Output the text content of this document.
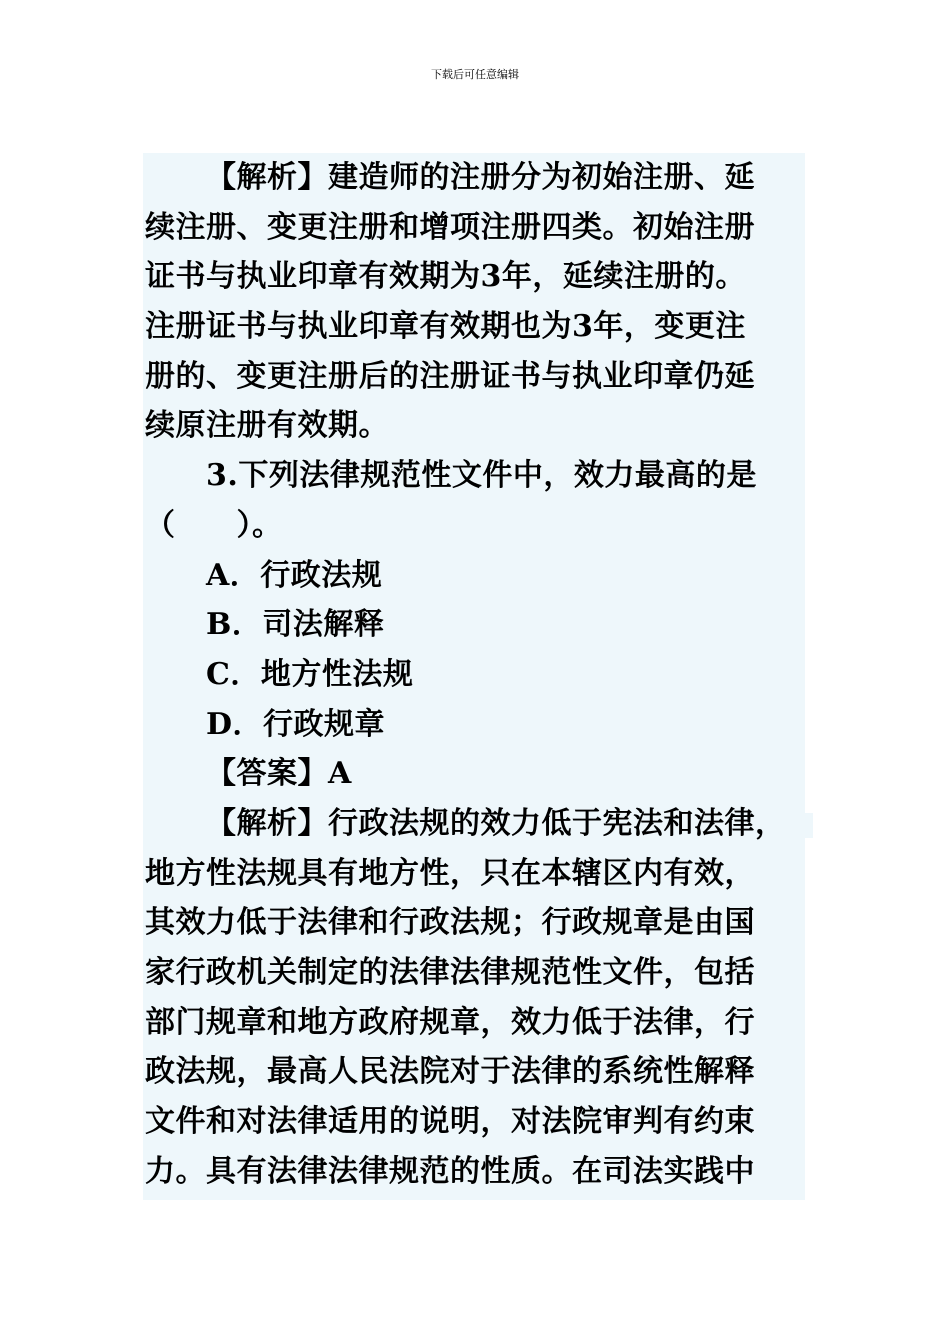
下载后可任意编辑
【解析】建造师的注册分为初始注册、延
续注册、变更注册和增项注册四类。初始注册
证书与执业印章有效期为3年，延续注册的。
注册证书与执业印章有效期也为3年，变更注
册的、变更注册后的注册证书与执业印章仍延
续原注册有效期。
3.下列法律规范性文件中，效力最高的是
（　　）。
A．行政法规
B．司法解释
C．地方性法规
D．行政规章
【答案】A
【解析】行政法规的效力低于宪法和法律，
地方性法规具有地方性，只在本辖区内有效，
其效力低于法律和行政法规；行政规章是由国
家行政机关制定的法律法律规范性文件，包括
部门规章和地方政府规章，效力低于法律，行
政法规，最高人民法院对于法律的系统性解释
文件和对法律适用的说明，对法院审判有约束
力。具有法律法律规范的性质。在司法实践中
